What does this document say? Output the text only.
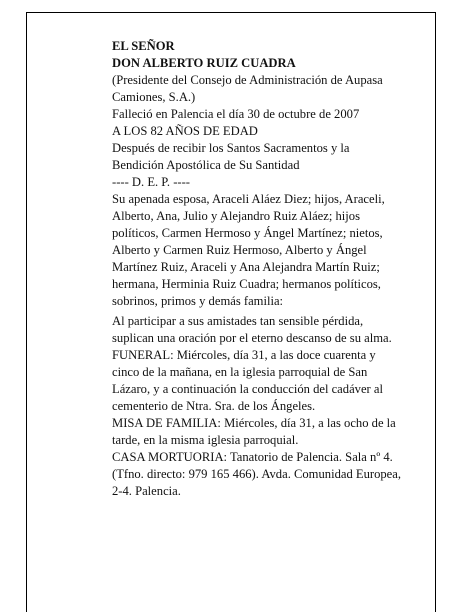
EL SEÑOR

DON ALBERTO RUIZ CUADRA

(Presidente del Consejo de Administración de Aupasa Camiones, S.A.)

Falleció en Palencia el día 30 de octubre de 2007

A LOS 82 AÑOS DE EDAD

Después de recibir los Santos Sacramentos y la Bendición Apostólica de Su Santidad

---- D. E. P. ----

Su apenada esposa, Araceli Aláez Diez; hijos, Araceli, Alberto, Ana, Julio y Alejandro Ruiz Aláez; hijos políticos, Carmen Hermoso y Ángel Martínez; nietos, Alberto y Carmen Ruiz Hermoso, Alberto y Ángel Martínez Ruiz, Araceli y Ana Alejandra Martín Ruiz; hermana, Herminia Ruiz Cuadra; hermanos políticos, sobrinos, primos y demás familia:

Al participar a sus amistades tan sensible pérdida, suplican una oración por el eterno descanso de su alma.

FUNERAL: Miércoles, día 31, a las doce cuarenta y cinco de la mañana, en la iglesia parroquial de San Lázaro, y a continuación la conducción del cadáver al cementerio de Ntra. Sra. de los Ángeles.

MISA DE FAMILIA: Miércoles, día 31, a las ocho de la tarde, en la misma iglesia parroquial.

CASA MORTUORIA: Tanatorio de Palencia. Sala nº 4. (Tfno. directo: 979 165 466). Avda. Comunidad Europea, 2-4. Palencia.
